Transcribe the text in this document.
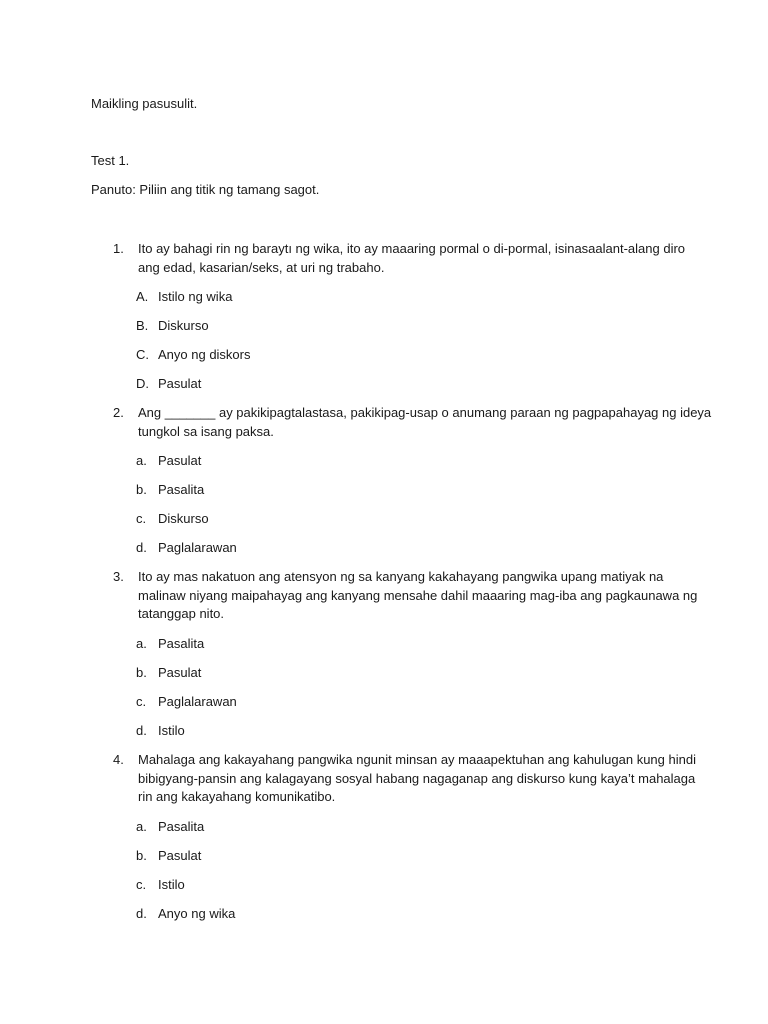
Maikling pasusulit.
Test 1.
Panuto: Piliin ang titik ng tamang sagot.
1. Ito ay bahagi rin ng baraytı ng wika, ito ay maaaring pormal o di-pormal, isinasaalant-alang diro
ang edad, kasarian/seks, at uri ng trabaho.
A. Istilo ng wika
B. Diskurso
C. Anyo ng diskors
D. Pasulat
2. Ang _______ ay pakikipagtalastasa, pakikipag-usap o anumang paraan ng pagpapahayag ng ideya
tungkol sa isang paksa.
a. Pasulat
b. Pasalita
c. Diskurso
d. Paglalarawan
3. Ito ay mas nakatuon ang atensyon ng sa kanyang kakahayang pangwika upang matiyak na
malinaw niyang maipahayag ang kanyang mensahe dahil maaaring mag-iba ang pagkaunawa ng
tatanggap nito.
a. Pasalita
b. Pasulat
c. Paglalarawan
d. Istilo
4. Mahalaga ang kakayahang pangwika ngunit minsan ay maaapektuhan ang kahulugan kung hindi
bibigyang-pansin ang kalagayang sosyal habang nagaganap ang diskurso kung kaya’t mahalaga
rin ang kakayahang komunikatibo.
a. Pasalita
b. Pasulat
c. Istilo
d. Anyo ng wika
